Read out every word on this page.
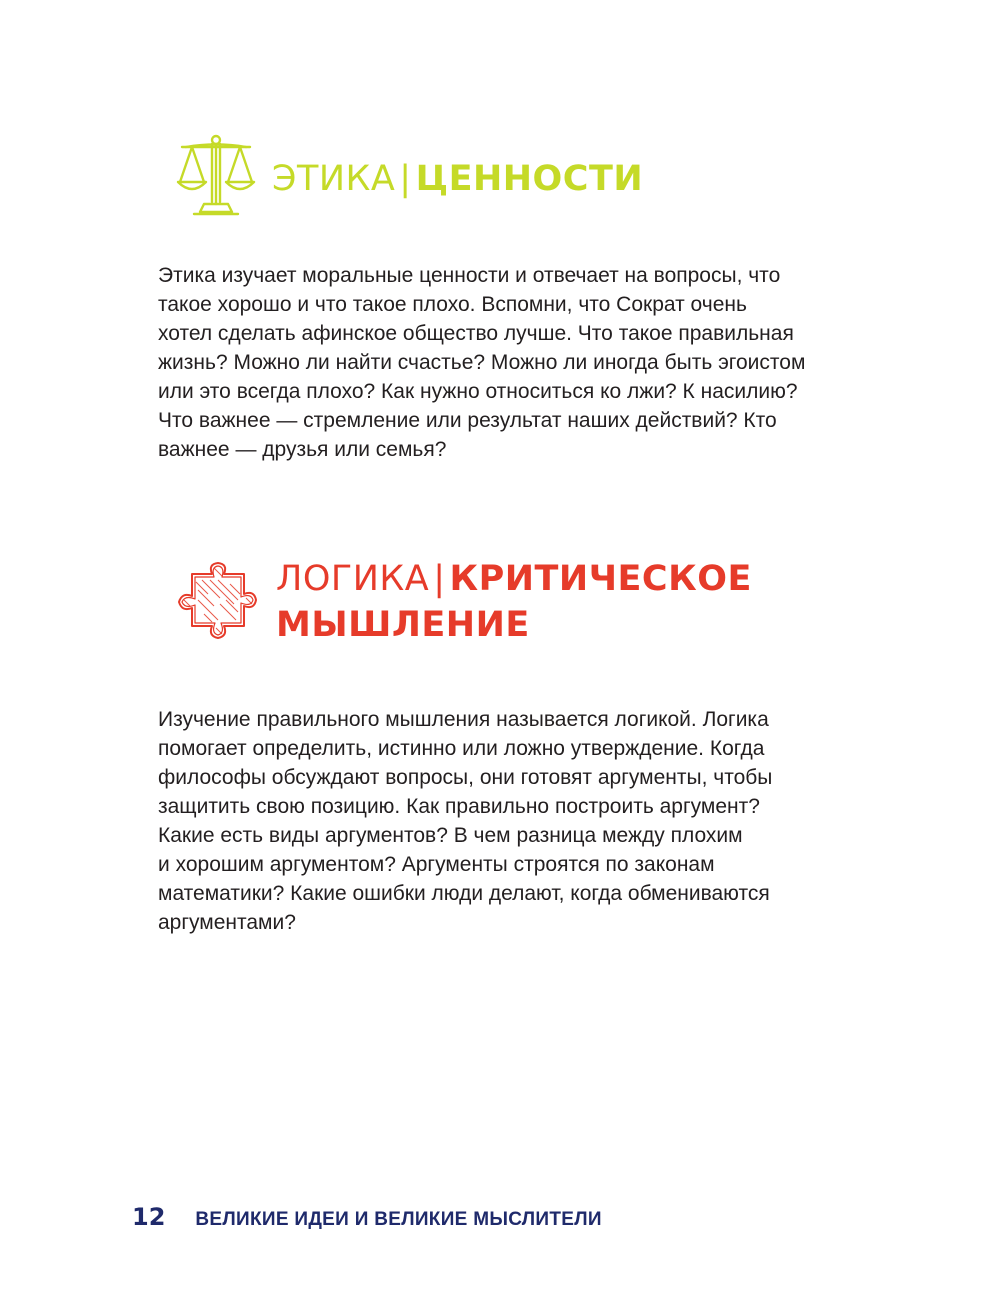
ЭТИКА | ЦЕННОСТИ

Этика изучает моральные ценности и отвечает на вопросы, что
такое хорошо и что такое плохо. Вспомни, что Сократ очень
хотел сделать афинское общество лучше. Что такое правильная
жизнь? Можно ли найти счастье? Можно ли иногда быть эгоистом
или это всегда плохо? Как нужно относиться ко лжи? К насилию?
Что важнее — стремление или результат наших действий? Кто
важнее — друзья или семья?

ЛОГИКА | КРИТИЧЕСКОЕ
МЫШЛЕНИЕ

Изучение правильного мышления называется логикой. Логика
помогает определить, истинно или ложно утверждение. Когда
философы обсуждают вопросы, они готовят аргументы, чтобы
защитить свою позицию. Как правильно построить аргумент?
Какие есть виды аргументов? В чем разница между плохим
и хорошим аргументом? Аргументы строятся по законам
математики? Какие ошибки люди делают, когда обмениваются
аргументами?

12 ВЕЛИКИЕ ИДЕИ И ВЕЛИКИЕ МЫСЛИТЕЛИ
